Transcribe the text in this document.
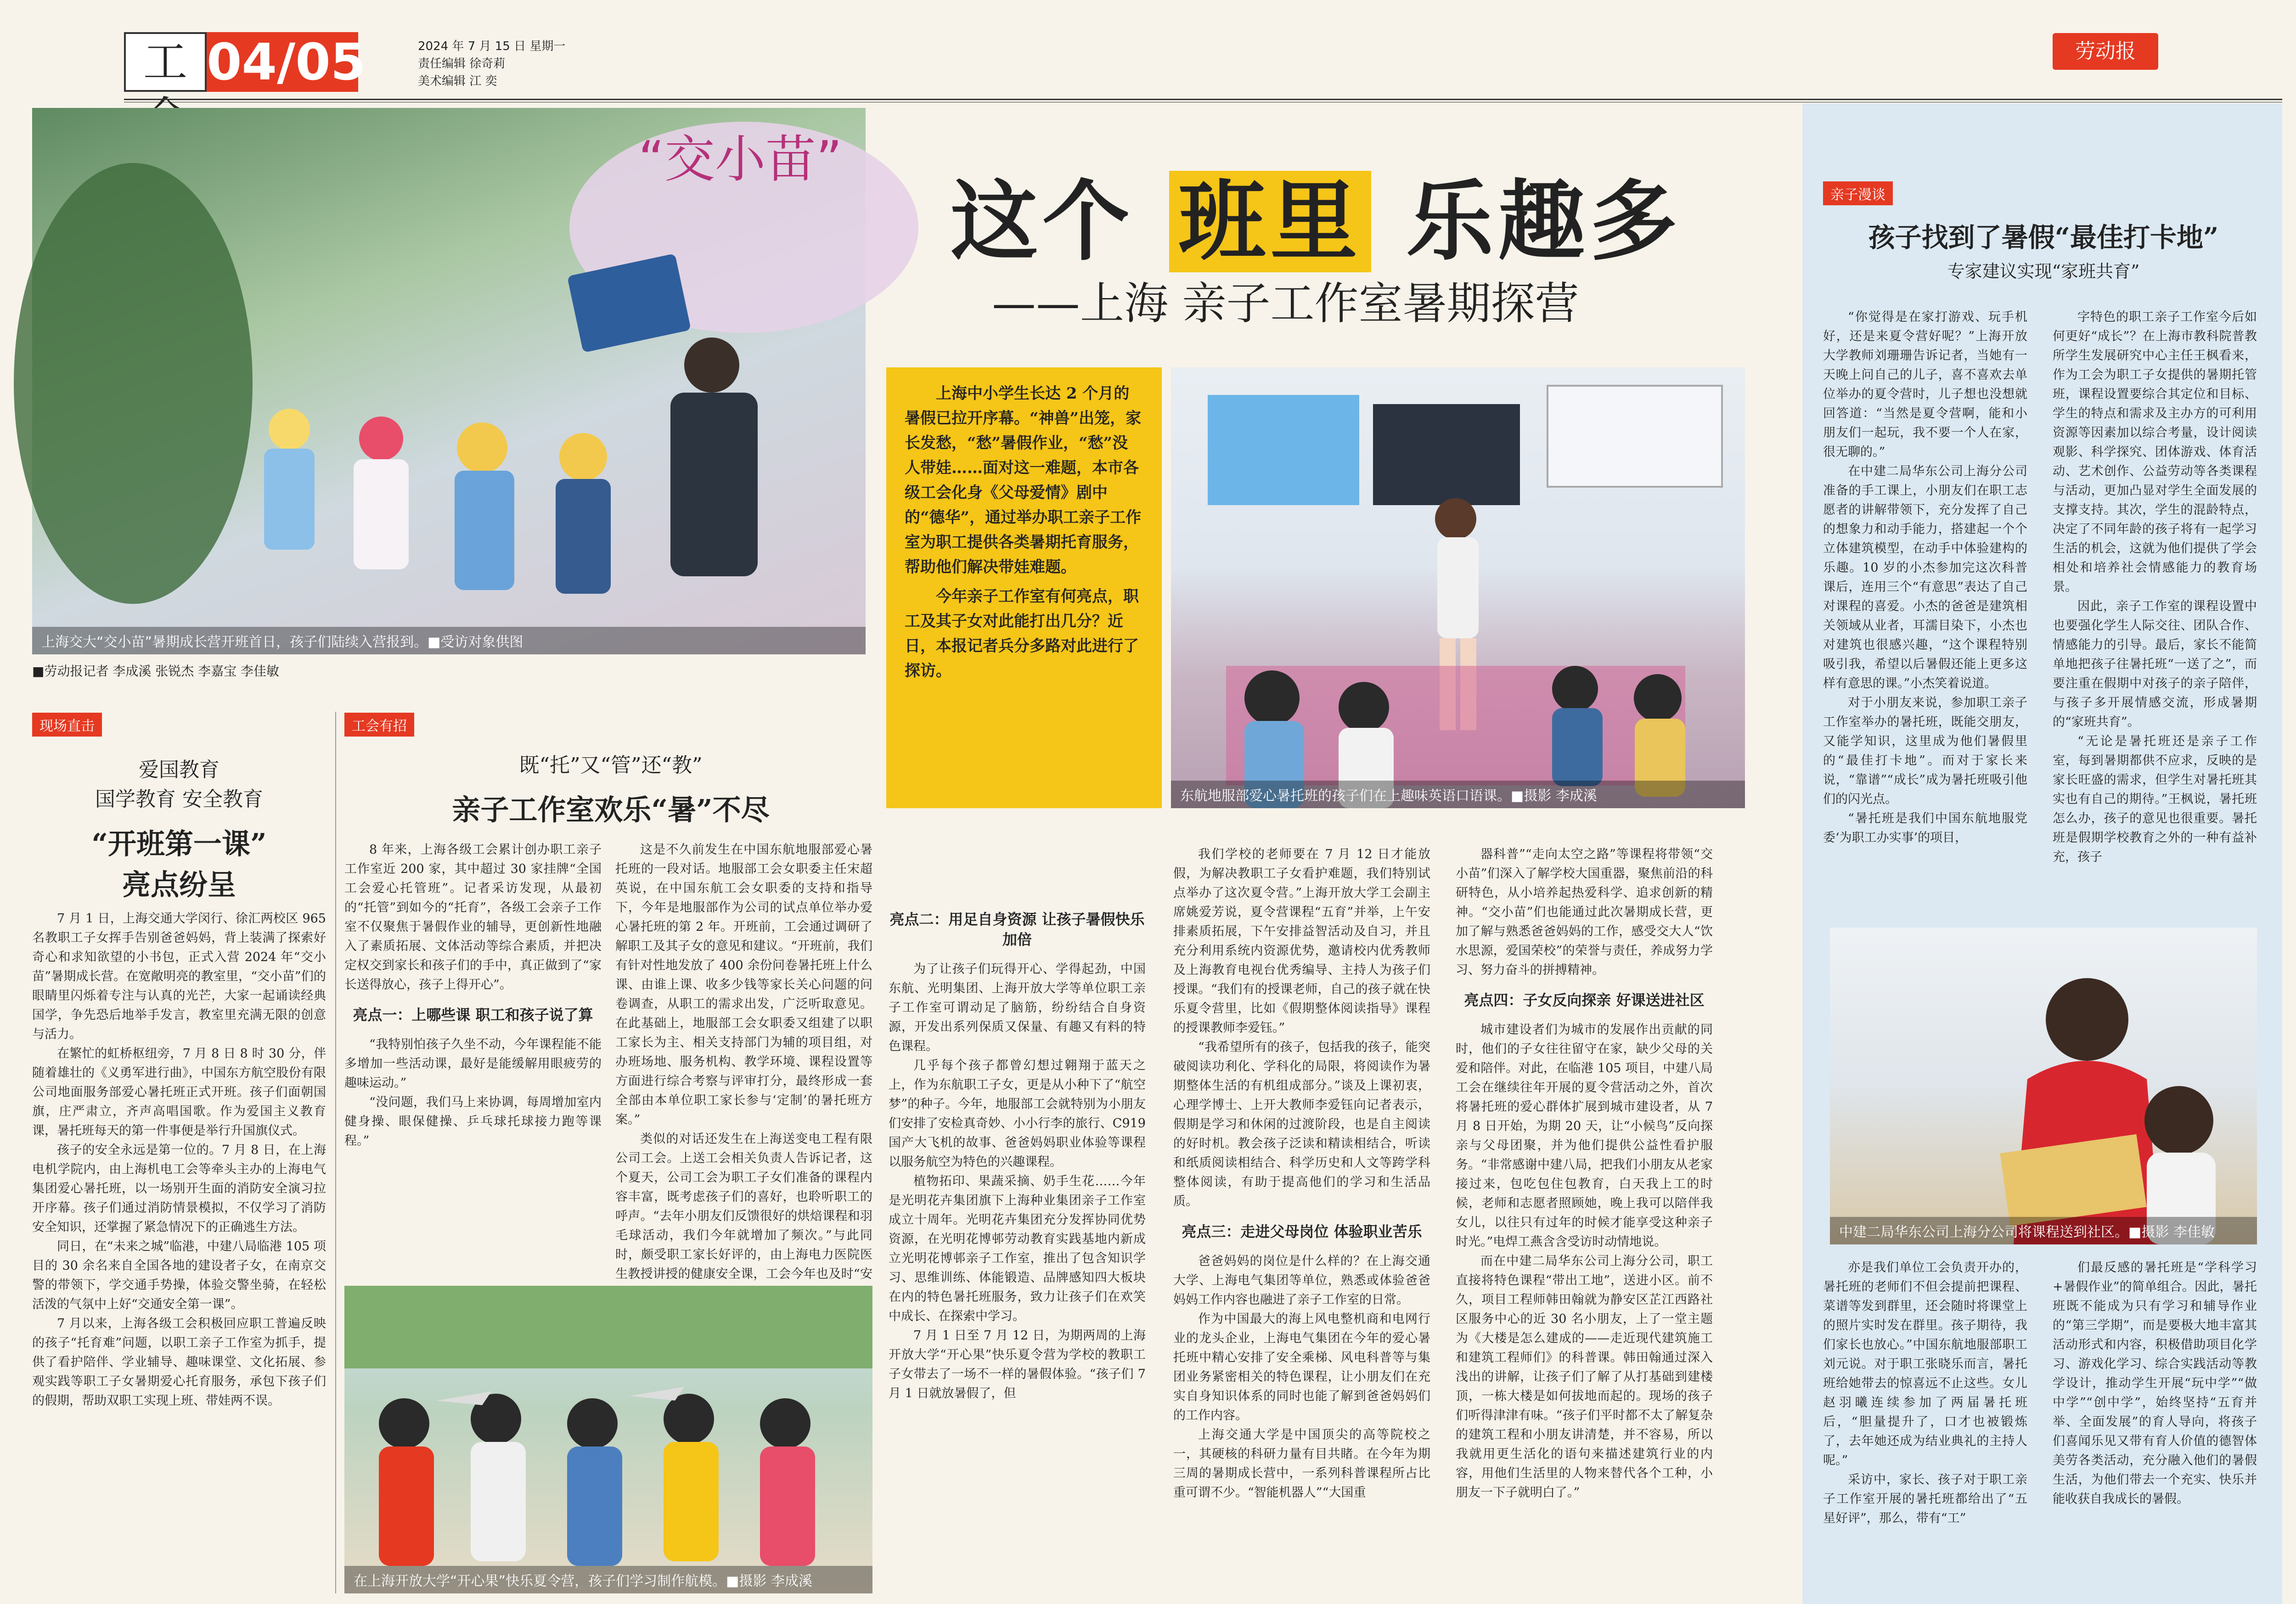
工 04/05	2024 年 7 月 15 日 星期一
责任编辑 徐奇莉
美术编辑 江 奕
劳动报
“交小苗”
上海交大“交小苗”暑期成长营开班首日，孩子们陆续入营报到。■受访对象供图
■劳动报记者 李成溪 张锐杰 李嘉宝 李佳敏
这个 班里 乐趣多
——上海 亲子工作室暑期探营

上海中小学生长达 2 个月的暑假已拉开序幕。“神兽”出笼，家长发愁，“愁”暑假作业，“愁”没人带娃……面对这一难题，本市各级工会化身《父母爱情》剧中的“德华”，通过举办职工亲子工作室为职工提供各类暑期托育服务，帮助他们解决带娃难题。

今年亲子工作室有何亮点，职工及其子女对此能打出几分？近日，本报记者兵分多路对此进行了探访。

东航地服部爱心暑托班的孩子们在上趣味英语口语课。■摄影 李成溪
现场直击
爱国教育
国学教育 安全教育
“开班第一课”
亮点纷呈

7 月 1 日，上海交通大学闵行、徐汇两校区 965 名教职工子女挥手告别爸爸妈妈，背上装满了探索好奇心和求知欲望的小书包，正式入营 2024 年“交小苗”暑期成长营。在宽敞明亮的教室里，“交小苗”们的眼睛里闪烁着专注与认真的光芒，大家一起诵读经典国学，争先恐后地举手发言，教室里充满无限的创意与活力。

在繁忙的虹桥枢纽旁，7 月 8 日 8 时 30 分，伴随着雄壮的《义勇军进行曲》，中国东方航空股份有限公司地面服务部爱心暑托班正式开班。孩子们面朝国旗，庄严肃立，齐声高唱国歌。作为爱国主义教育课，暑托班每天的第一件事便是举行升国旗仪式。

孩子的安全永远是第一位的。7 月 8 日，在上海电机学院内，由上海机电工会等牵头主办的上海电气集团爱心暑托班，以一场别开生面的消防安全演习拉开序幕。孩子们通过消防情景模拟，不仅学习了消防安全知识，还掌握了紧急情况下的正确逃生方法。

同日，在“未来之城”临港，中建八局临港 105 项目的 30 余名来自全国各地的建设者子女，在南京交警的带领下，学交通手势操，体验交警坐骑，在轻松活泼的气氛中上好“交通安全第一课”。

7 月以来，上海各级工会积极回应职工普遍反映的孩子“托育难”问题，以职工亲子工作室为抓手，提供了看护陪伴、学业辅导、趣味课堂、文化拓展、参观实践等职工子女暑期爱心托育服务，承包下孩子们的假期，帮助双职工实现上班、带娃两不误。

工会有招
既“托”又“管”还“教”
亲子工作室欢乐“暑”不尽

8 年来，上海各级工会累计创办职工亲子工作室近 200 家，其中超过 30 家挂牌“全国工会爱心托管班”。记者采访发现，从最初的“托管”到如今的“托育”，各级工会亲子工作室不仅聚焦于暑假作业的辅导，更创新性地融入了素质拓展、文体活动等综合素质，并把决定权交到家长和孩子们的手中，真正做到了“家长送得放心，孩子上得开心”。

亮点一：上哪些课 职工和孩子说了算

“我特别怕孩子久坐不动，今年课程能不能多增加一些活动课，最好是能缓解用眼疲劳的趣味运动。”

“没问题，我们马上来协调，每周增加室内健身操、眼保健操、乒乓球托球接力跑等课程。”

这是不久前发生在中国东航地服部爱心暑托班的一段对话。地服部工会女职委主任宋超英说，在中国东航工会女职委的支持和指导下，今年是地服部作为公司的试点单位举办爱心暑托班的第 2 年。开班前，工会通过调研了解职工及其子女的意见和建议。“开班前，我们有针对性地发放了 400 余份问卷暑托班上什么课、由谁上课、收多少钱等家长关心问题的问卷调查，从职工的需求出发，广泛听取意见。在此基础上，地服部工会女职委又组建了以职工家长为主、相关支持部门为辅的项目组，对办班场地、服务机构、教学环境、课程设置等方面进行综合考察与评审打分，最终形成一套全部由本单位职工家长参与‘定制’的暑托班方案。”

类似的对话还发生在上海送变电工程有限公司工会。上送工会相关负责人告诉记者，这个夏天，公司工会为职工子女们准备的课程内容丰富，既考虑孩子们的喜好，也聆听职工的呼声。“去年小朋友们反馈很好的烘焙课程和羽毛球活动，我们今年就增加了频次。”与此同时，颇受职工家长好评的，由上海电力医院医生教授讲授的健康安全课，工会今年也及时“安

在上海开放大学“开心果”快乐夏令营，孩子们学习制作航模。■摄影 李成溪

亮点二：用足自身资源 让孩子暑假快乐加倍

为了让孩子们玩得开心、学得起劲，中国东航、光明集团、上海开放大学等单位职工亲子工作室可谓动足了脑筋，纷纷结合自身资源，开发出系列保质又保量、有趣又有料的特色课程。

几乎每个孩子都曾幻想过翱翔于蓝天之上，作为东航职工子女，更是从小种下了“航空梦”的种子。今年，地服部工会就特别为小朋友们安排了安检真奇妙、小小行李的旅行、C919 国产大飞机的故事、爸爸妈妈职业体验等课程以服务航空为特色的兴趣课程。

植物拓印、果蔬采摘、奶手生花……今年是光明花卉集团旗下上海种业集团亲子工作室成立十周年。光明花卉集团充分发挥协同优势资源，在光明花博邨劳动教育实践基地内新成立光明花博邨亲子工作室，推出了包含知识学习、思维训练、体能锻造、品牌感知四大板块在内的特色暑托班服务，致力让孩子们在欢笑中成长、在探索中学习。

7 月 1 日至 7 月 12 日，为期两周的上海开放大学“开心果”快乐夏令营为学校的教职工子女带去了一场不一样的暑假体验。“孩子们 7 月 1 日就放暑假了，但

我们学校的老师要在 7 月 12 日才能放假，为解决教职工子女看护难题，我们特别试点举办了这次夏令营。”上海开放大学工会副主席姚爱芳说，夏令营课程“五育”并举，上午安排素质拓展，下午安排益智活动及自习，并且充分利用系统内资源优势，邀请校内优秀教师及上海教育电视台优秀编导、主持人为孩子们授课。“我们有的授课老师，自己的孩子就在快乐夏令营里，比如《假期整体阅读指导》课程的授课教师李爱钰。”

“我希望所有的孩子，包括我的孩子，能突破阅读功利化、学科化的局限，将阅读作为暑期整体生活的有机组成部分。”谈及上课初衷，心理学博士、上开大教师李爱钰向记者表示，假期是学习和休闲的过渡阶段，也是自主阅读的好时机。教会孩子泛读和精读相结合，听读和纸质阅读相结合、科学历史和人文等跨学科整体阅读，有助于提高他们的学习和生活品质。

亮点三：走进父母岗位 体验职业苦乐

爸爸妈妈的岗位是什么样的？在上海交通大学、上海电气集团等单位，熟悉或体验爸爸妈妈工作内容也融进了亲子工作室的日常。

作为中国最大的海上风电整机商和电网行业的龙头企业，上海电气集团在今年的爱心暑托班中精心安排了安全乘梯、风电科普等与集团业务紧密相关的特色课程，让小朋友们在充实自身知识体系的同时也能了解到爸爸妈妈们的工作内容。

上海交通大学是中国顶尖的高等院校之一，其硬核的科研力量有目共睹。在今年为期三周的暑期成长营中，一系列科普课程所占比重可谓不少。“智能机器人”“大国重

器科普”“走向太空之路”等课程将带领“交小苗”们深入了解学校大国重器，聚焦前沿的科研特色，从小培养起热爱科学、追求创新的精神。“交小苗”们也能通过此次暑期成长营，更加了解与熟悉爸爸妈妈的工作，感受交大人“饮水思源，爱国荣校”的荣誉与责任，养成努力学习、努力奋斗的拼搏精神。

亮点四：子女反向探亲 好课送进社区

城市建设者们为城市的发展作出贡献的同时，他们的子女往往留守在家，缺少父母的关爱和陪伴。对此，在临港 105 项目，中建八局工会在继续往年开展的夏令营活动之外，首次将暑托班的爱心群体扩展到城市建设者，从 7 月 8 日开始，为期 20 天，让“小候鸟”反向探亲与父母团聚，并为他们提供公益性看护服务。“非常感谢中建八局，把我们小朋友从老家接过来，包吃包住包教育，白天我上工的时候，老师和志愿者照顾她，晚上我可以陪伴我女儿，以往只有过年的时候才能享受这种亲子时光。”电焊工燕含含受访时动情地说。

而在中建二局华东公司上海分公司，职工直接将特色课程“带出工地”，送进小区。前不久，项目工程师韩田翰就为静安区芷江西路社区服务中心的近 30 名小朋友，上了一堂主题为《大楼是怎么建成的——走近现代建筑施工和建筑工程师们》的科普课。韩田翰通过深入浅出的讲解，让孩子们了解了从打基础到建楼顶，一栋大楼是如何拔地而起的。现场的孩子们听得津津有味。“孩子们平时都不太了解复杂的建筑工程和小朋友讲清楚，并不容易，所以我就用更生活化的语句来描述建筑行业的内容，用他们生活里的人物来替代各个工种，小朋友一下子就明白了。”

亲子漫谈
孩子找到了暑假“最佳打卡地”
专家建议实现“家班共育”

“你觉得是在家打游戏、玩手机好，还是来夏令营好呢？”上海开放大学教师刘珊珊告诉记者，当她有一天晚上问自己的儿子，喜不喜欢去单位举办的夏令营时，儿子想也没想就回答道：“当然是夏令营啊，能和小朋友们一起玩，我不要一个人在家，很无聊的。”

在中建二局华东公司上海分公司准备的手工课上，小朋友们在职工志愿者的讲解带领下，充分发挥了自己的想象力和动手能力，搭建起一个个立体建筑模型，在动手中体验建构的乐趣。10 岁的小杰参加完这次科普课后，连用三个“有意思”表达了自己对课程的喜爱。小杰的爸爸是建筑相关领域从业者，耳濡目染下，小杰也对建筑也很感兴趣，“这个课程特别吸引我，希望以后暑假还能上更多这样有意思的课。”小杰笑着说道。

对于小朋友来说，参加职工亲子工作室举办的暑托班，既能交朋友，又能学知识，这里成为他们暑假里的“最佳打卡地”。而对于家长来说，“靠谱”“成长”成为暑托班吸引他们的闪光点。

“暑托班是我们中国东航地服党委‘为职工办实事’的项目，

字特色的职工亲子工作室今后如何更好“成长”？在上海市教科院普教所学生发展研究中心主任王枫看来，作为工会为职工子女提供的暑期托管班，课程设置要综合其定位和目标、学生的特点和需求及主办方的可利用资源等因素加以综合考量，设计阅读观影、科学探究、团体游戏、体育活动、艺术创作、公益劳动等各类课程与活动，更加凸显对学生全面发展的支撑支持。其次，学生的混龄特点，决定了不同年龄的孩子将有一起学习生活的机会，这就为他们提供了学会相处和培养社会情感能力的教育场景。

因此，亲子工作室的课程设置中也要强化学生人际交往、团队合作、情感能力的引导。最后，家长不能简单地把孩子往暑托班“一送了之”，而要注重在假期中对孩子的亲子陪伴，与孩子多开展情感交流，形成暑期的“家班共育”。

“无论是暑托班还是亲子工作室，每到暑期都供不应求，反映的是家长旺盛的需求，但学生对暑托班其实也有自己的期待。”王枫说，暑托班怎么办，孩子的意见也很重要。暑托班是假期学校教育之外的一种有益补充，孩子

中建二局华东公司上海分公司将课程送到社区。■摄影 李佳敏

亦是我们单位工会负责开办的，暑托班的老师们不但会提前把课程、菜谱等发到群里，还会随时将课堂上的照片实时发在群里。孩子期待，我们家长也放心。”中国东航地服部职工刘元说。对于职工张晓乐而言，暑托班给她带去的惊喜远不止这些。女儿赵羽曦连续参加了两届暑托班后，“胆量提升了，口才也被锻炼了，去年她还成为结业典礼的主持人呢。”

采访中，家长、孩子对于职工亲子工作室开展的暑托班都给出了“五星好评”，那么，带有“工”

们最反感的暑托班是“学科学习+暑假作业”的简单组合。因此，暑托班既不能成为只有学习和辅导作业的“第三学期”，而是要极大地丰富其活动形式和内容，积极借助项目化学习、游戏化学习、综合实践活动等教学设计，推动学生开展“玩中学”“做中学”“创中学”，始终坚持“五育并举、全面发展”的育人导向，将孩子们喜闻乐见又带有育人价值的德智体美劳各类活动，充分融入他们的暑假生活，为他们带去一个充实、快乐并能收获自我成长的暑假。
